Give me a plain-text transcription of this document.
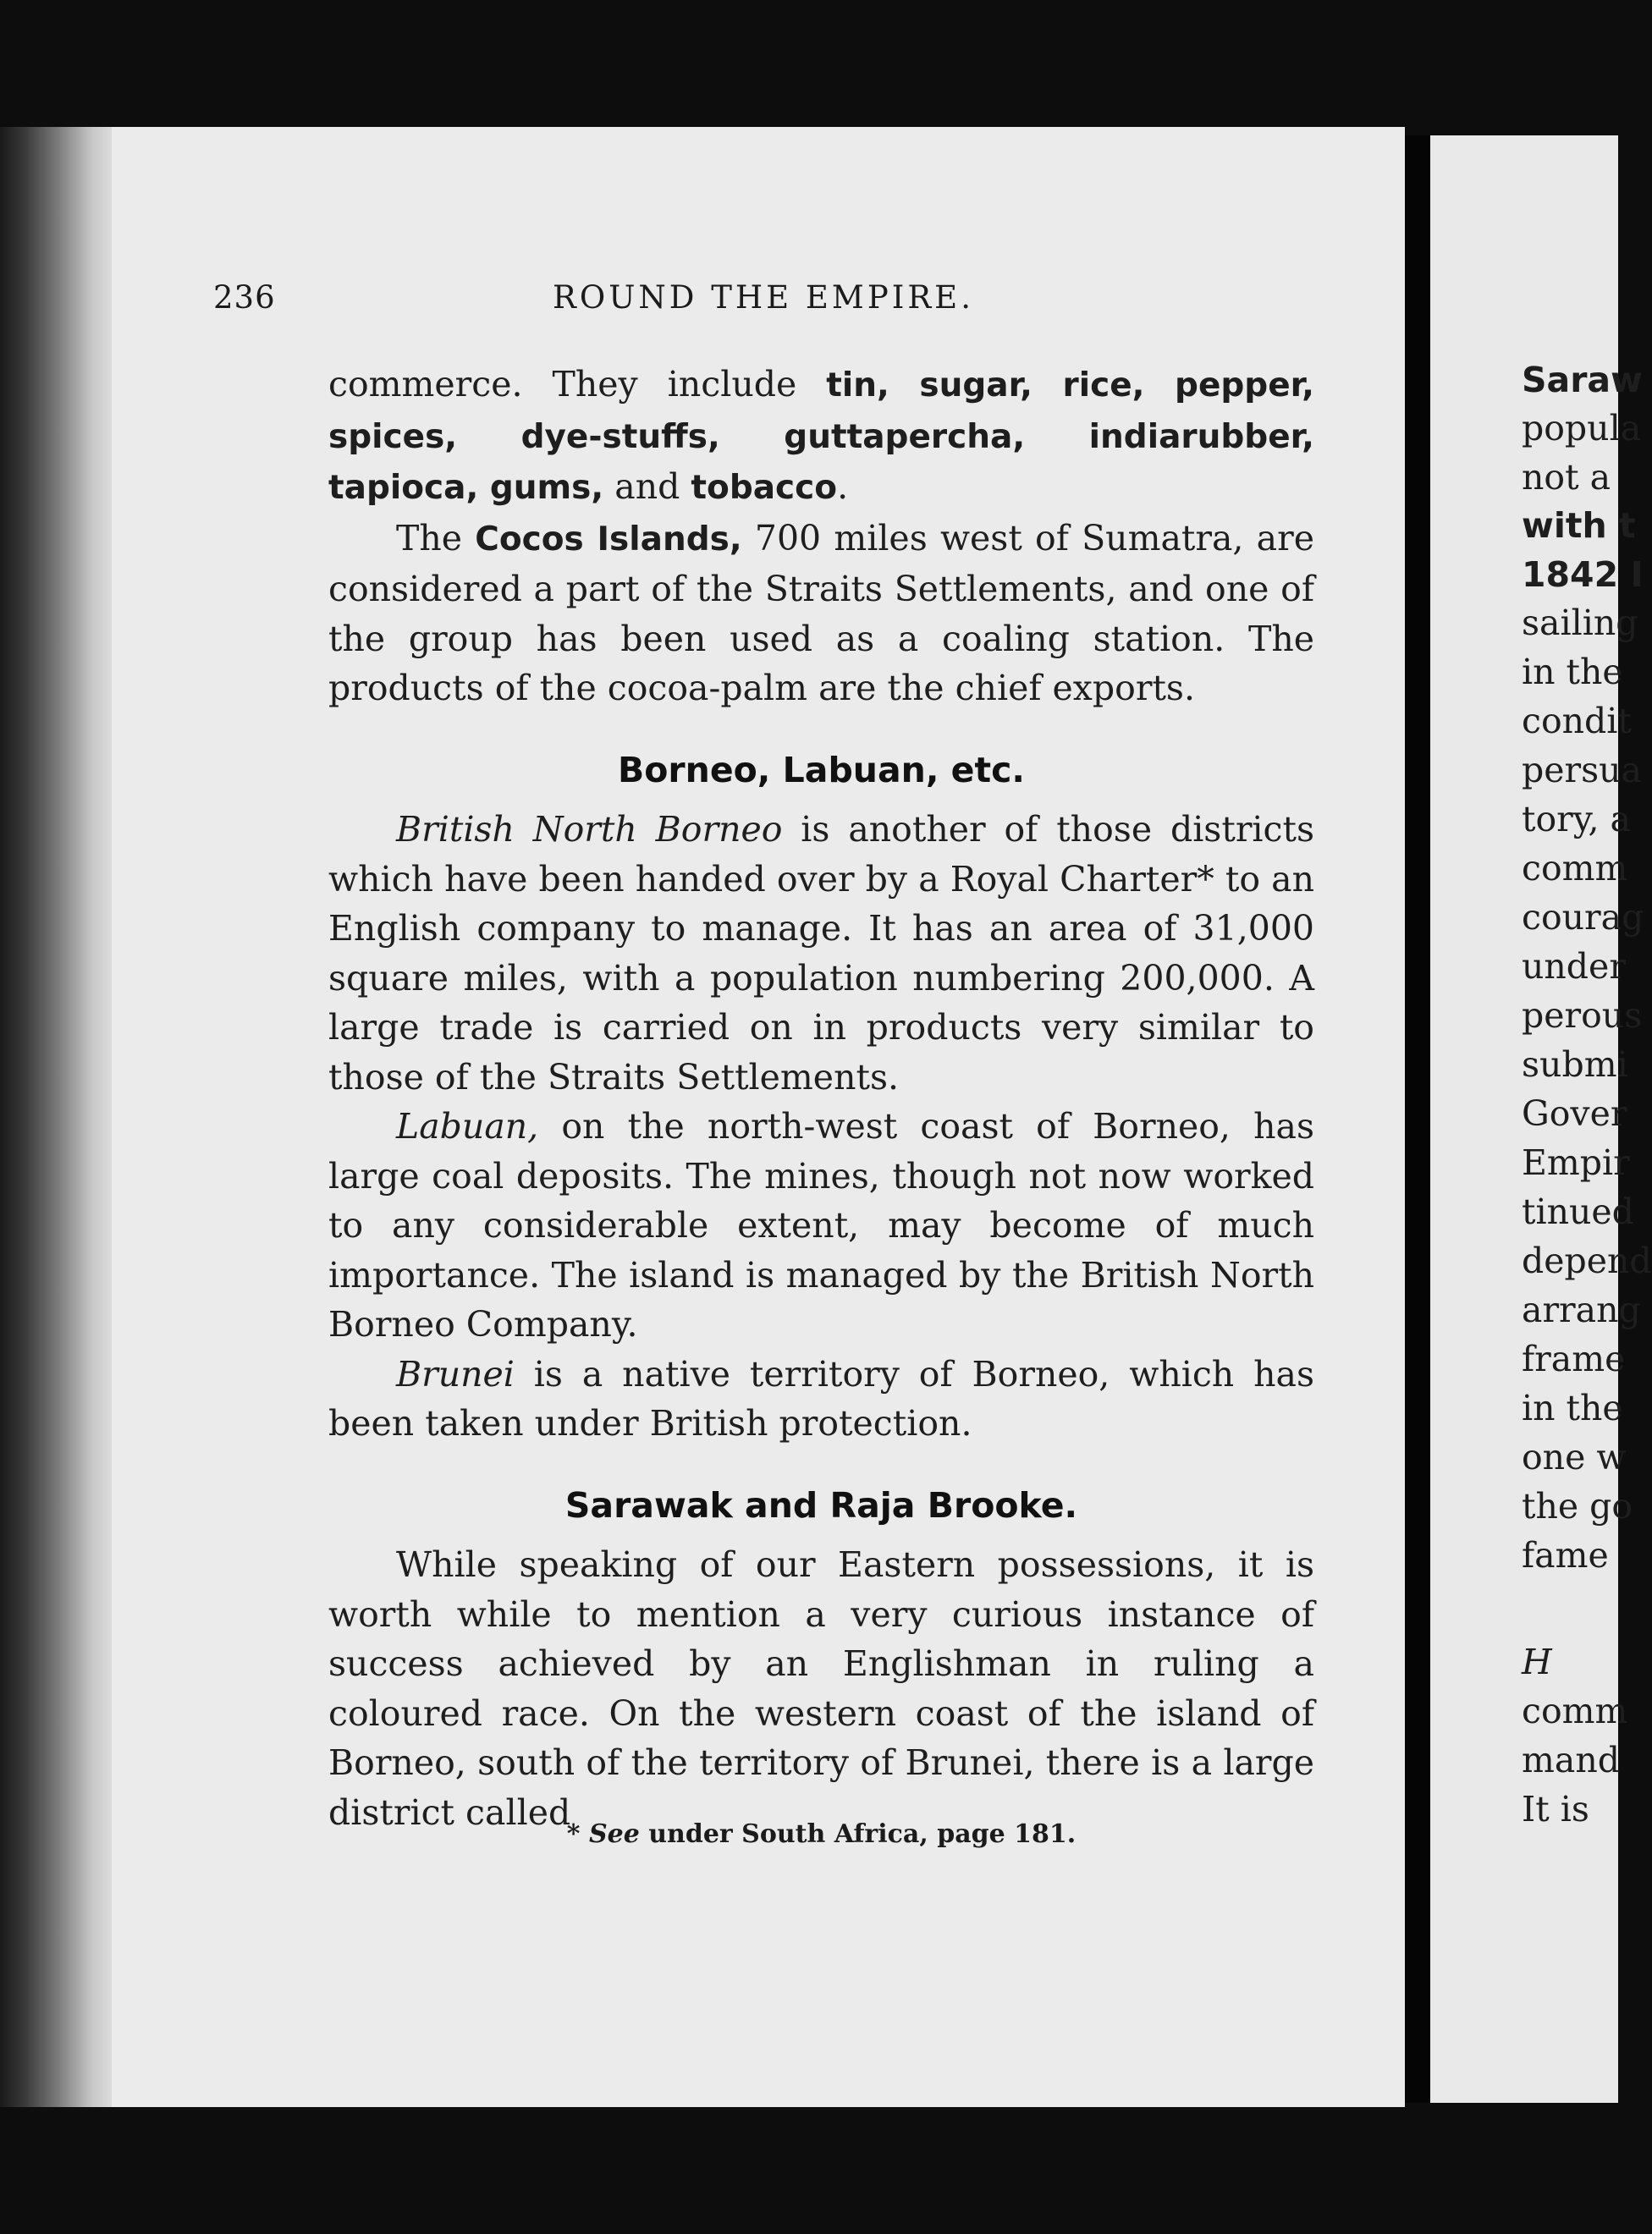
236	ROUND THE EMPIRE.

commerce. They include tin, sugar, rice, pepper, spices, dye-stuffs, guttapercha, indiarubber, tapioca, gums, and tobacco.

The Cocos Islands, 700 miles west of Sumatra, are considered a part of the Straits Settlements, and one of the group has been used as a coaling station. The products of the cocoa-palm are the chief exports.

Borneo, Labuan, etc.

British North Borneo is another of those districts which have been handed over by a Royal Charter* to an English company to manage. It has an area of 31,000 square miles, with a population numbering 200,000. A large trade is carried on in products very similar to those of the Straits Settlements.

Labuan, on the north-west coast of Borneo, has large coal deposits. The mines, though not now worked to any considerable extent, may become of much importance. The island is managed by the British North Borneo Company.

Brunei is a native territory of Borneo, which has been taken under British protection.

Sarawak and Raja Brooke.

While speaking of our Eastern possessions, it is worth while to mention a very curious instance of success achieved by an Englishman in ruling a coloured race. On the western coast of the island of Borneo, south of the territory of Brunei, there is a large district called

* See under South Africa, page 181.
Saraw
popula
not a
with t
1842 I
sailing
in the
condit
persua
tory, a
comm
courag
under
perous
submi
Gover
Empir
tinued
depend
arrang
frame
in the
one w
the go
fame
H
comm
mand
It is
